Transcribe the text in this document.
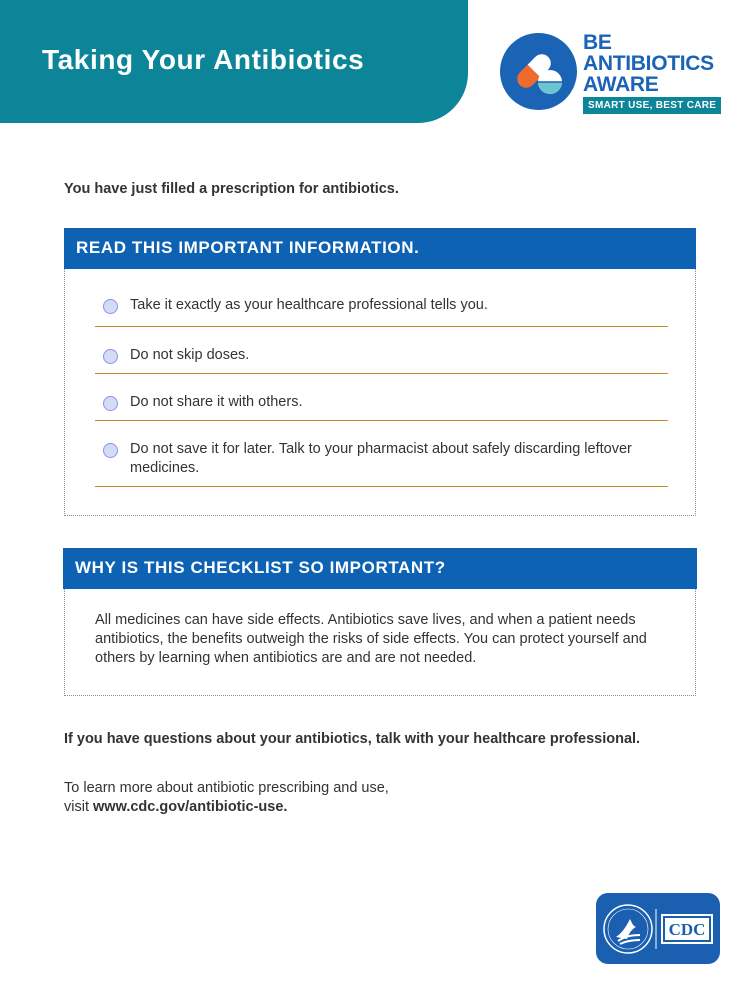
Taking Your Antibiotics
BE
ANTIBIOTICS
AWARE
SMART USE, BEST CARE

You have just filled a prescription for antibiotics.

READ THIS IMPORTANT INFORMATION.
Take it exactly as your healthcare professional tells you.
Do not skip doses.
Do not share it with others.
Do not save it for later. Talk to your pharmacist about safely discarding leftover medicines.
WHY IS THIS CHECKLIST SO IMPORTANT?

All medicines can have side effects. Antibiotics save lives, and when a patient needs antibiotics, the benefits outweigh the risks of side effects. You can protect yourself and others by learning when antibiotics are and are not needed.

If you have questions about your antibiotics, talk with your healthcare professional.

To learn more about antibiotic prescribing and use,
visit www.cdc.gov/antibiotic-use.

CDC
